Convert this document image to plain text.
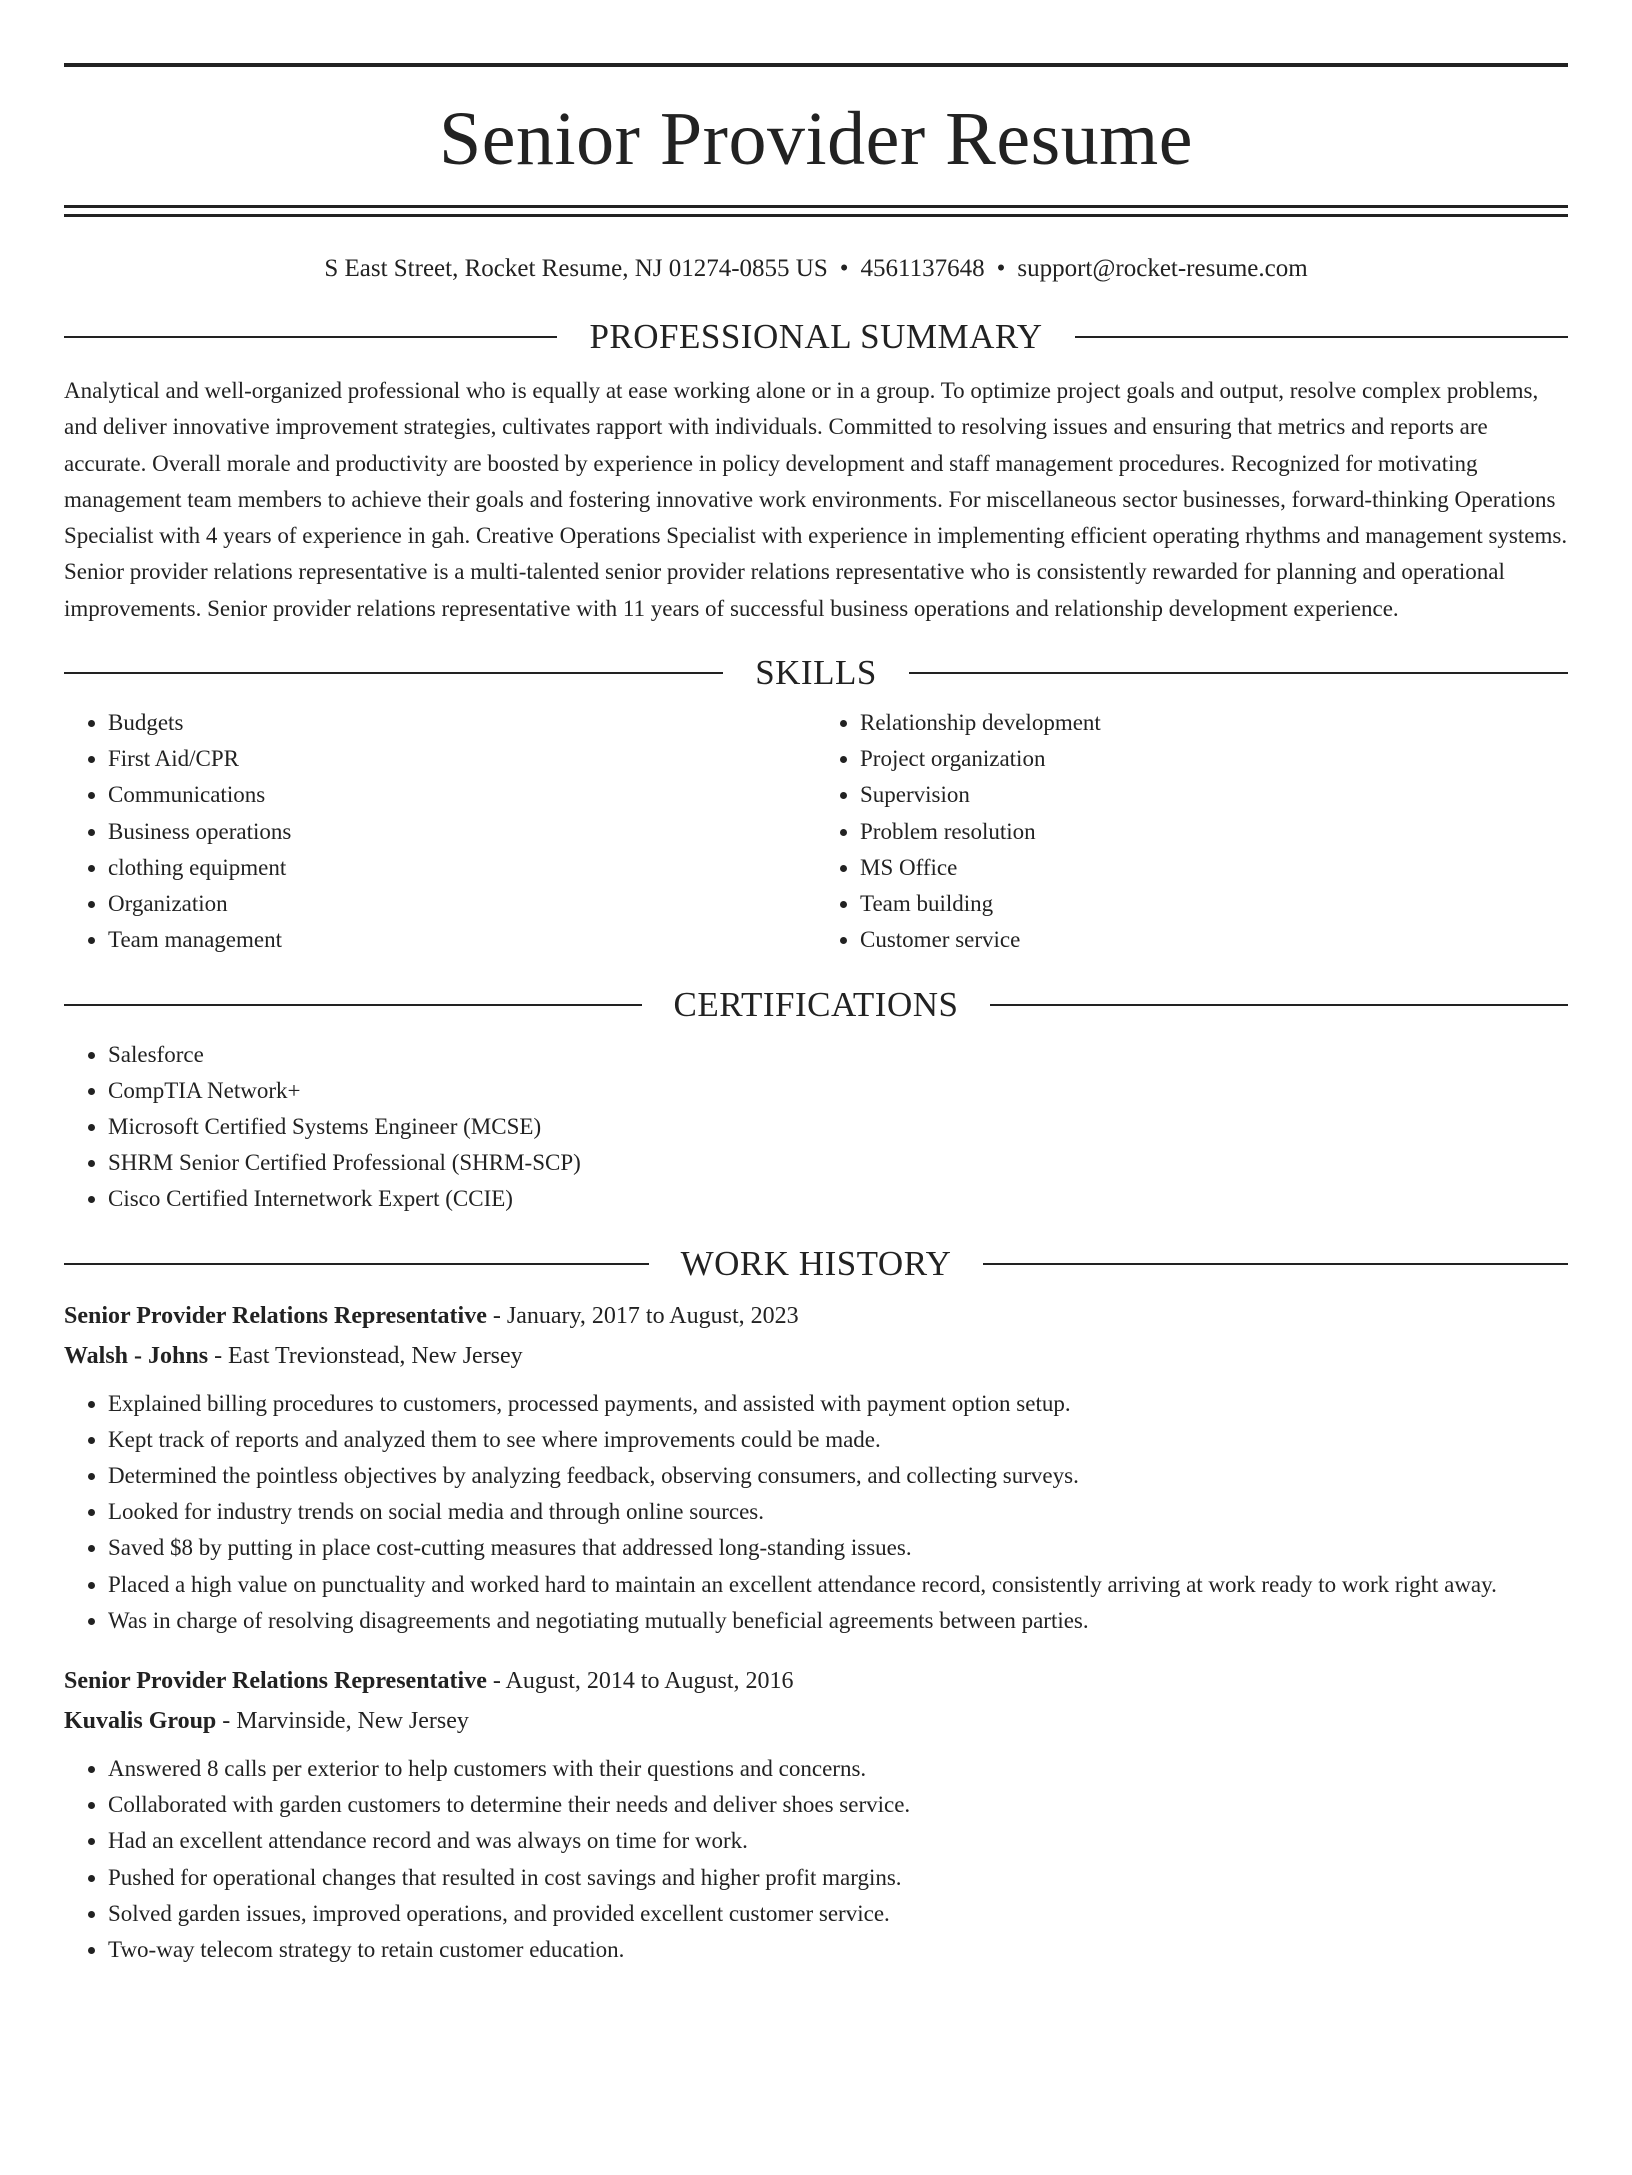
Senior Provider Resume
S East Street, Rocket Resume, NJ 01274-0855 US • 4561137648 • support@rocket-resume.com
PROFESSIONAL SUMMARY

Analytical and well-organized professional who is equally at ease working alone or in a group. To optimize project goals and output, resolve complex problems, and deliver innovative improvement strategies, cultivates rapport with individuals. Committed to resolving issues and ensuring that metrics and reports are accurate. Overall morale and productivity are boosted by experience in policy development and staff management procedures. Recognized for motivating management team members to achieve their goals and fostering innovative work environments. For miscellaneous sector businesses, forward-thinking Operations Specialist with 4 years of experience in gah. Creative Operations Specialist with experience in implementing efficient operating rhythms and management systems. Senior provider relations representative is a multi-talented senior provider relations representative who is consistently rewarded for planning and operational improvements. Senior provider relations representative with 11 years of successful business operations and relationship development experience.

SKILLS
• Budgets
• First Aid/CPR
• Communications
• Business operations
• clothing equipment
• Organization
• Team management
• Relationship development
• Project organization
• Supervision
• Problem resolution
• MS Office
• Team building
• Customer service
CERTIFICATIONS
• Salesforce
• CompTIA Network+
• Microsoft Certified Systems Engineer (MCSE)
• SHRM Senior Certified Professional (SHRM-SCP)
• Cisco Certified Internetwork Expert (CCIE)
WORK HISTORY
Senior Provider Relations Representative - January, 2017 to August, 2023
Walsh - Johns - East Trevionstead, New Jersey
• Explained billing procedures to customers, processed payments, and assisted with payment option setup.
• Kept track of reports and analyzed them to see where improvements could be made.
• Determined the pointless objectives by analyzing feedback, observing consumers, and collecting surveys.
• Looked for industry trends on social media and through online sources.
• Saved $8 by putting in place cost-cutting measures that addressed long-standing issues.
• Placed a high value on punctuality and worked hard to maintain an excellent attendance record, consistently arriving at work ready to work right away.
• Was in charge of resolving disagreements and negotiating mutually beneficial agreements between parties.
Senior Provider Relations Representative - August, 2014 to August, 2016
Kuvalis Group - Marvinside, New Jersey
• Answered 8 calls per exterior to help customers with their questions and concerns.
• Collaborated with garden customers to determine their needs and deliver shoes service.
• Had an excellent attendance record and was always on time for work.
• Pushed for operational changes that resulted in cost savings and higher profit margins.
• Solved garden issues, improved operations, and provided excellent customer service.
• Two-way telecom strategy to retain customer education.
